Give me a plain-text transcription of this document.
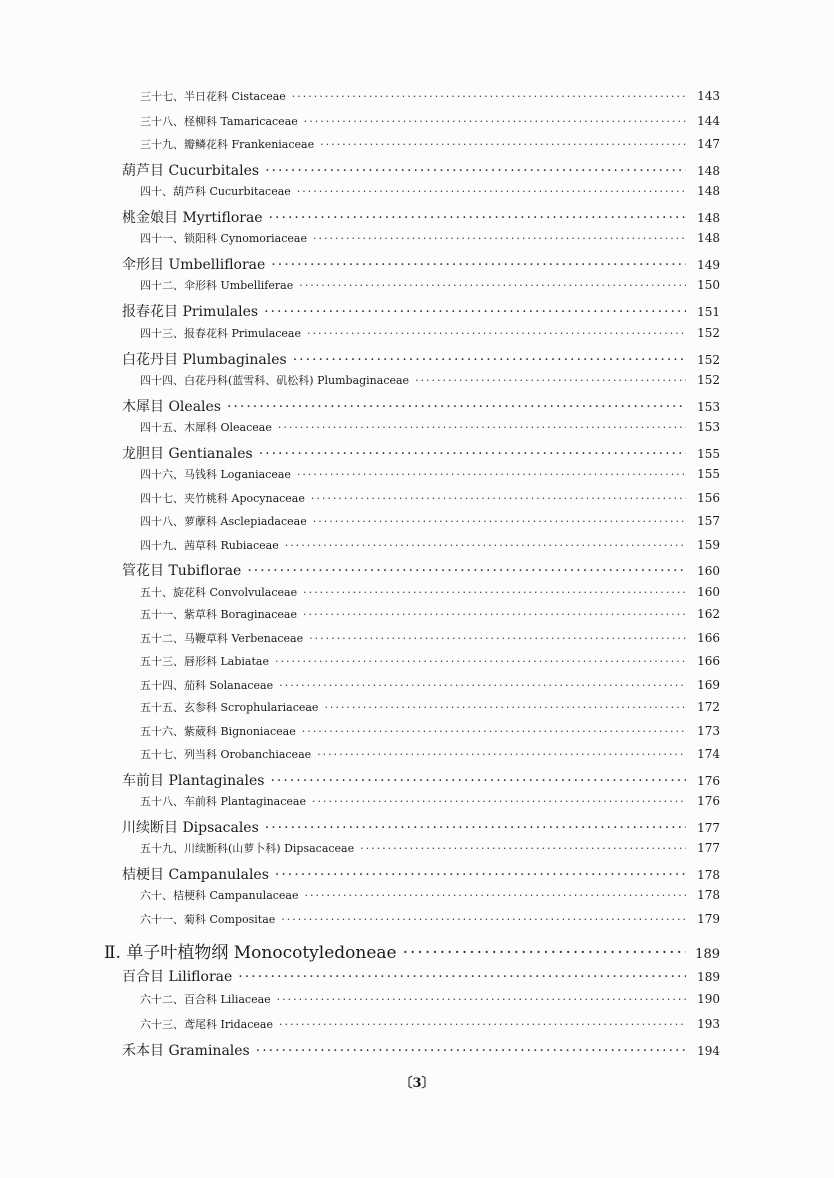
三十七、半日花科 Cistaceae ·····	143
三十八、柽柳科 Tamaricaceae ·····	144
三十九、瓣鳞花科 Frankeniaceae ·····	147
葫芦目 Cucurbitales ·····	148
四十、葫芦科 Cucurbitaceae ·····	148
桃金娘目 Myrtiflorae ·····	148
四十一、锁阳科 Cynomoriaceae ·····	148
伞形目 Umbelliflorae ·····	149
四十二、伞形科 Umbelliferae ·····	150
报春花目 Primulales ·····	151
四十三、报春花科 Primulaceae ·····	152
白花丹目 Plumbaginales ·····	152
四十四、白花丹科(蓝雪科、矶松科) Plumbaginaceae ·····	152
木犀目 Oleales ·····	153
四十五、木犀科 Oleaceae ·····	153
龙胆目 Gentianales ·····	155
四十六、马钱科 Loganiaceae ·····	155
四十七、夹竹桃科 Apocynaceae ·····	156
四十八、萝藦科 Asclepiadaceae ·····	157
四十九、茜草科 Rubiaceae ·····	159
管花目 Tubiflorae ·····	160
五十、旋花科 Convolvulaceae ·····	160
五十一、紫草科 Boraginaceae ·····	162
五十二、马鞭草科 Verbenaceae ·····	166
五十三、唇形科 Labiatae ·····	166
五十四、茄科 Solanaceae ·····	169
五十五、玄参科 Scrophulariaceae ·····	172
五十六、紫葳科 Bignoniaceae ·····	173
五十七、列当科 Orobanchiaceae ·····	174
车前目 Plantaginales ·····	176
五十八、车前科 Plantaginaceae ·····	176
川续断目 Dipsacales ·····	177
五十九、川续断科(山萝卜科) Dipsacaceae ·····	177
桔梗目 Campanulales ·····	178
六十、桔梗科 Campanulaceae ·····	178
六十一、菊科 Compositae ·····	179
Ⅱ. 单子叶植物纲 Monocotyledoneae ·····	189
百合目 Liliflorae ·····	189
六十二、百合科 Liliaceae ·····	190
六十三、鸢尾科 Iridaceae ·····	193
禾本目 Graminales ·····	194
〔3〕
